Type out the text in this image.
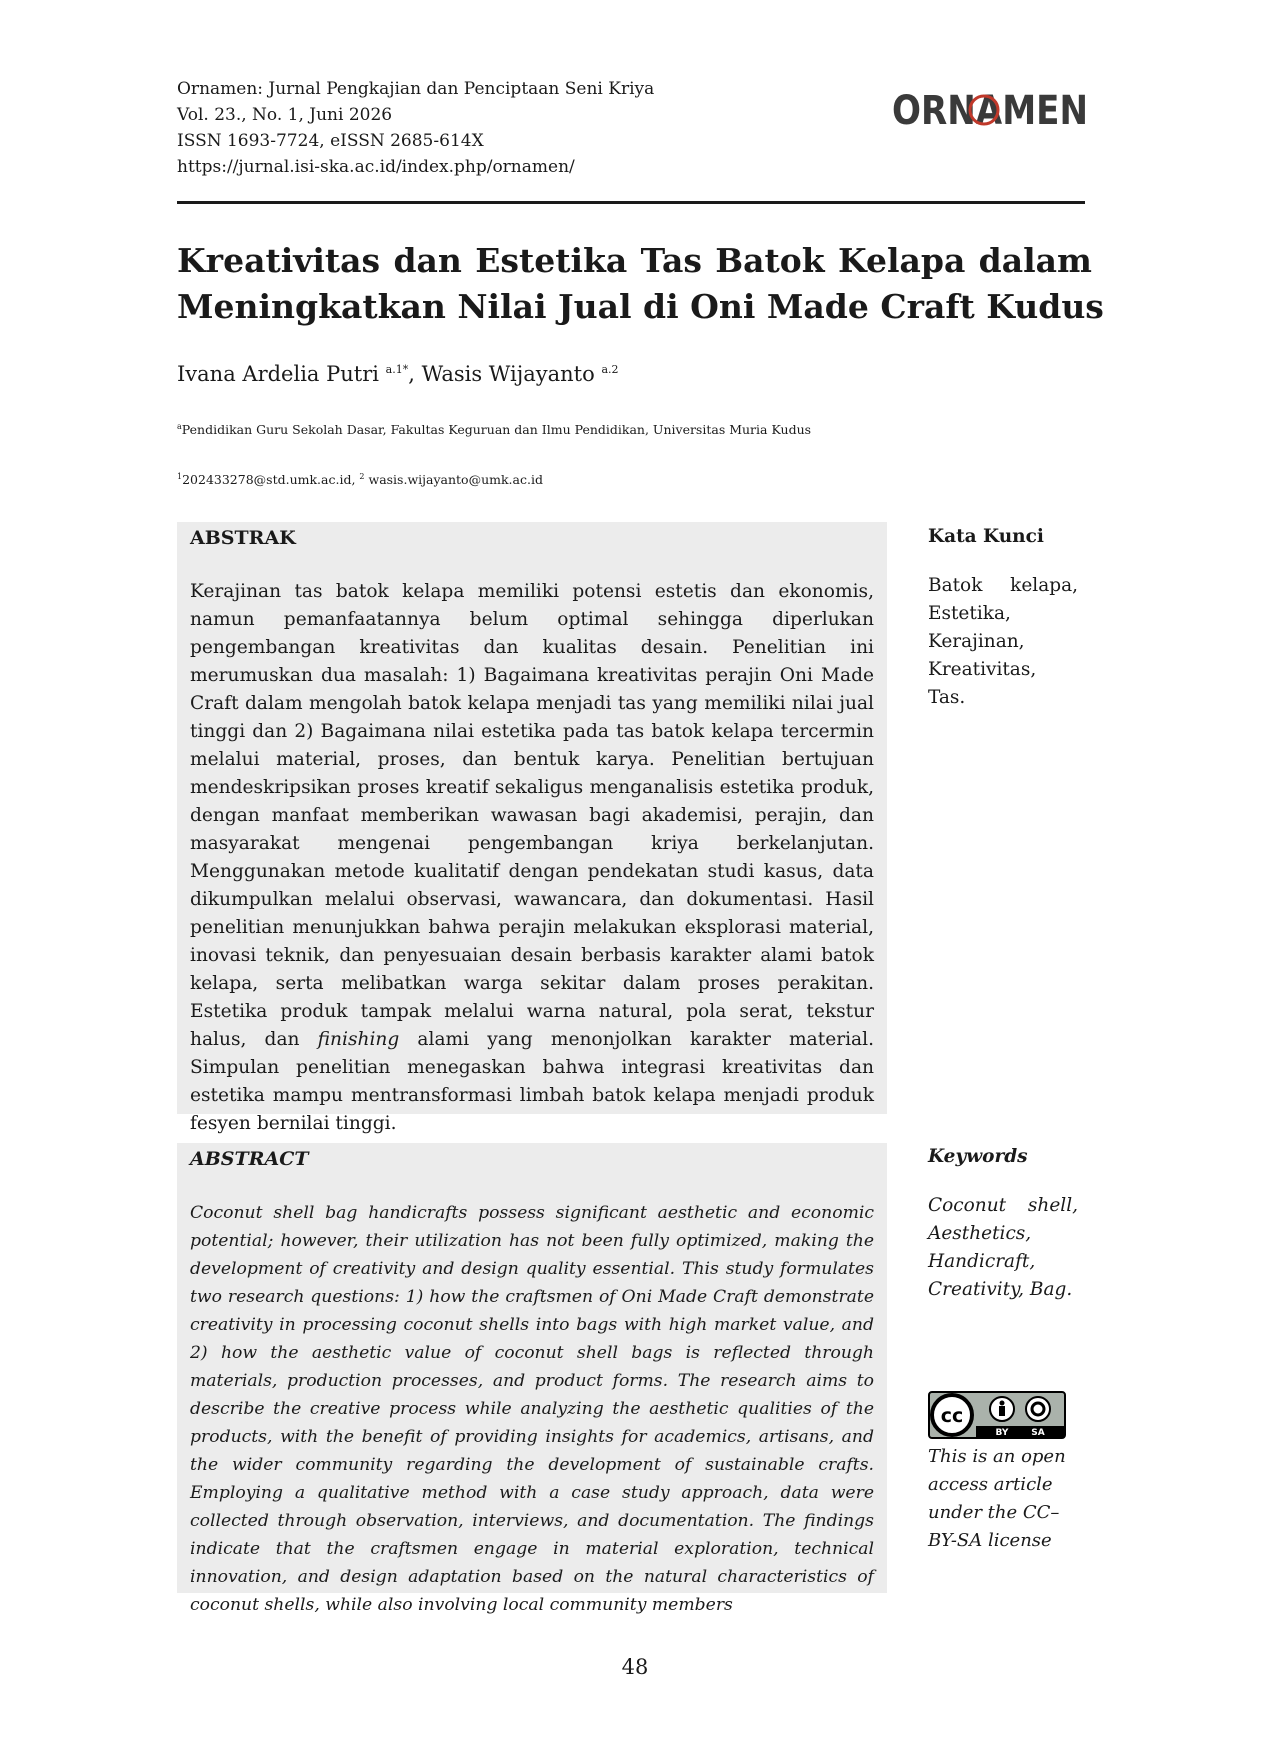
Ornamen: Jurnal Pengkajian dan Penciptaan Seni Kriya
Vol. 23., No. 1, Juni 2026
ISSN 1693-7724, eISSN 2685-614X
https://jurnal.isi-ska.ac.id/index.php/ornamen/
ORNAMEN
Kreativitas dan Estetika Tas Batok Kelapa dalam
Meningkatkan Nilai Jual di Oni Made Craft Kudus
Ivana Ardelia Putri $^{a.1*}$, Wasis Wijayanto $^{a.2}$
$^a$Pendidikan Guru Sekolah Dasar, Fakultas Keguruan dan Ilmu Pendidikan, Universitas Muria Kudus
$^1$202433278@std.umk.ac.id, $^2$ wasis.wijayanto@umk.ac.id
ABSTRAK

Kerajinan tas batok kelapa memiliki potensi estetis dan ekonomis, namun pemanfaatannya belum optimal sehingga diperlukan pengembangan kreativitas dan kualitas desain. Penelitian ini merumuskan dua masalah: 1) Bagaimana kreativitas perajin Oni Made Craft dalam mengolah batok kelapa menjadi tas yang memiliki nilai jual tinggi dan 2) Bagaimana nilai estetika pada tas batok kelapa tercermin melalui material, proses, dan bentuk karya. Penelitian bertujuan mendeskripsikan proses kreatif sekaligus menganalisis estetika produk, dengan manfaat memberikan wawasan bagi akademisi, perajin, dan masyarakat mengenai pengembangan kriya berkelanjutan. Menggunakan metode kualitatif dengan pendekatan studi kasus, data dikumpulkan melalui observasi, wawancara, dan dokumentasi. Hasil penelitian menunjukkan bahwa perajin melakukan eksplorasi material, inovasi teknik, dan penyesuaian desain berbasis karakter alami batok kelapa, serta melibatkan warga sekitar dalam proses perakitan. Estetika produk tampak melalui warna natural, pola serat, tekstur halus, dan finishing alami yang menonjolkan karakter material. Simpulan penelitian menegaskan bahwa integrasi kreativitas dan estetika mampu mentransformasi limbah batok kelapa menjadi produk fesyen bernilai tinggi.

Kata Kunci
Batok kelapa, Estetika, Kerajinan, Kreativitas, Tas.
ABSTRACT

Coconut shell bag handicrafts possess significant aesthetic and economic potential; however, their utilization has not been fully optimized, making the development of creativity and design quality essential. This study formulates two research questions: 1) how the craftsmen of Oni Made Craft demonstrate creativity in processing coconut shells into bags with high market value, and 2) how the aesthetic value of coconut shell bags is reflected through materials, production processes, and product forms. The research aims to describe the creative process while analyzing the aesthetic qualities of the products, with the benefit of providing insights for academics, artisans, and the wider community regarding the development of sustainable crafts. Employing a qualitative method with a case study approach, data were collected through observation, interviews, and documentation. The findings indicate that the craftsmen engage in material exploration, technical innovation, and design adaptation based on the natural characteristics of coconut shells, while also involving local community members

Keywords
Coconut shell, Aesthetics, Handicraft, Creativity, Bag.
cc
BY	SA
This is an open access article under the CC–BY-SA license
48
